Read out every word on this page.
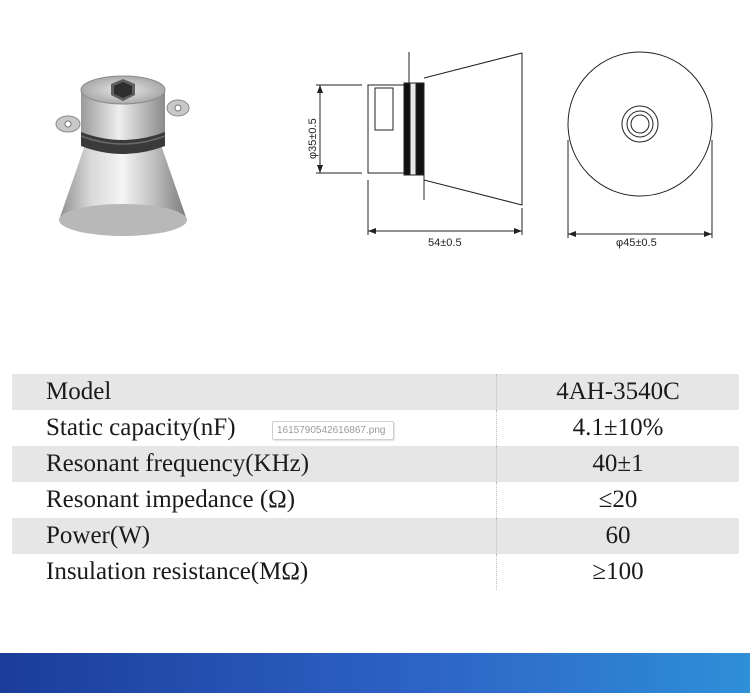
φ35±0.5
54±0.5	φ45±0.5
Model	4AH-3540C
Static capacity(nF)	4.1±10%
Resonant frequency(KHz)	40±1
Resonant impedance (Ω)	≤20
Power(W)	60
Insulation resistance(MΩ)	≥100
1615790542616867.png
